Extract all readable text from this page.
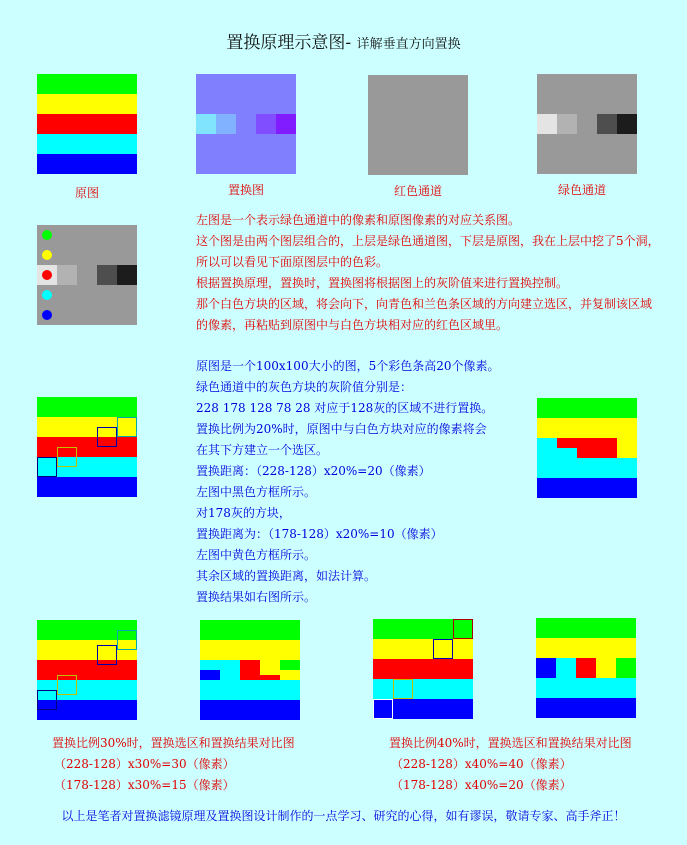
置换原理示意图- 详解垂直方向置换
原图	置换图	红色通道	绿色通道
左图是一个表示绿色通道中的像素和原图像素的对应关系图。
这个图是由两个图层组合的，上层是绿色通道图，下层是原图，我在上层中挖了5个洞，
所以可以看见下面原图层中的色彩。
根据置换原理，置换时，置换图将根据图上的灰阶值来进行置换控制。
那个白色方块的区域，将会向下，向青色和兰色条区域的方向建立选区，并复制该区域
的像素，再粘贴到原图中与白色方块相对应的红色区域里。
原图是一个100x100大小的图，5个彩色条高20个像素。
绿色通道中的灰色方块的灰阶值分别是：
228 178 128 78 28 对应于128灰的区域不进行置换。
置换比例为20%时，原图中与白色方块对应的像素将会
在其下方建立一个选区。
置换距离：（228-128）x20%=20（像素）
左图中黑色方框所示。
对178灰的方块，
置换距离为：（178-128）x20%=10（像素）
左图中黄色方框所示。
其余区域的置换距离，如法计算。
置换结果如右图所示。
置换比例30%时，置换选区和置换结果对比图
（228-128）x30%=30（像素）
（178-128）x30%=15（像素）
置换比例40%时，置换选区和置换结果对比图
（228-128）x40%=40（像素）
（178-128）x40%=20（像素）
以上是笔者对置换滤镜原理及置换图设计制作的一点学习、研究的心得，如有谬误，敬请专家、高手斧正！
